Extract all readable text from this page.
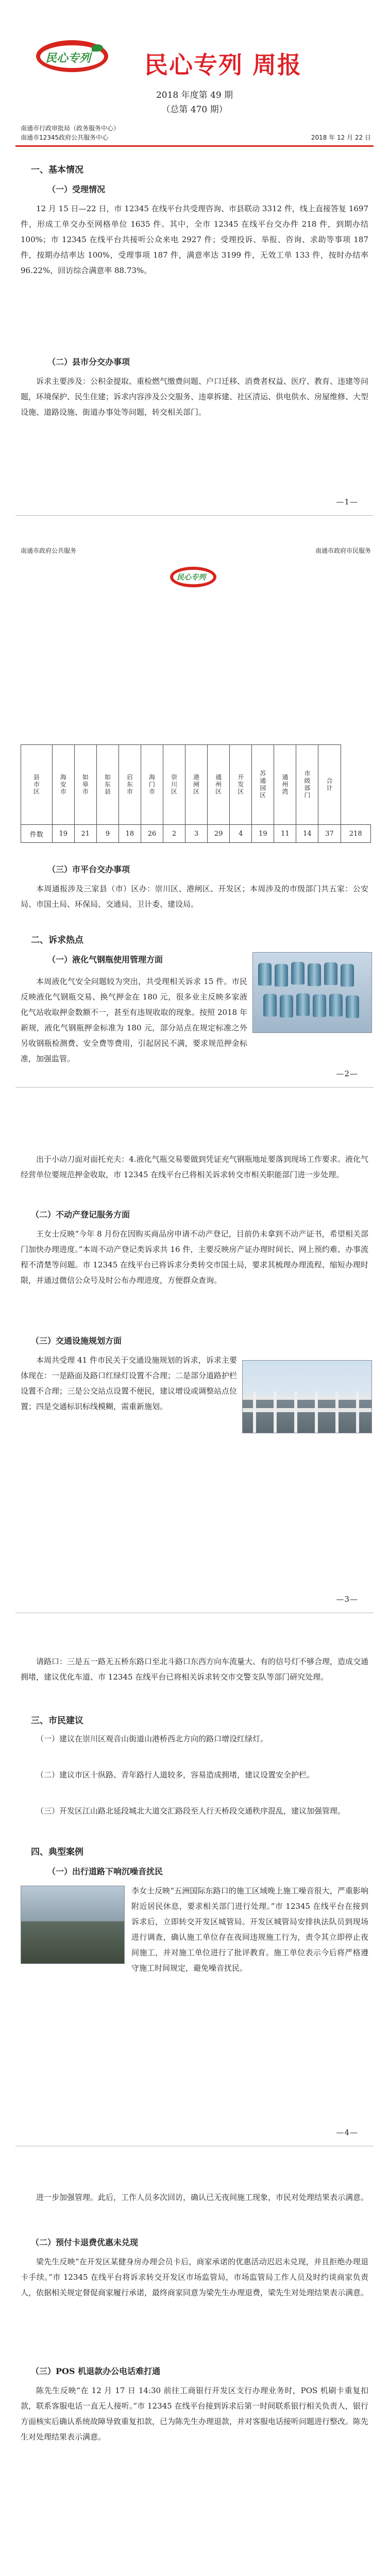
民心专列 民心专列 周报
2018 年度第 49 期
（总第 470 期）
南通市行政审批局（政务服务中心）
南通市12345政府公共服务中心	2018 年 12 月 22 日
一、基本情况
（一）受理情况

12 月 15 日—22 日，市 12345 在线平台共受理咨询、市县联动 3312 件，线上直接答复 1697 件，形成工单交办至网格单位 1635 件。其中，全市 12345 在线平台交办件 218 件，到期办结 100%；市 12345 在线平台共接听公众来电 2927 件；受理投诉、举报、咨询、求助等事项 187 件，按期办结率达 100%，受理事项 187 件，满意率达 3199 件，无效工单 133 件，按时办结率 96.22%，回访综合满意率 88.73%。

（二）县市分交办事项

诉求主要涉及：公积金提取、重检燃气缴费问题、户口迁移、消费者权益、医疗、教育、违建等问题，环境保护、民生住建；诉求内容涉及公交服务、违章拆建、社区清运、供电供水、房屋维修、大型设施、道路设施、街道办事处等问题，转交相关部门。

—1—
南通市政府公共服务	南通市政府市民服务
民心专列
县市区	海安市	如皋市	如东县	启东市	海门市	崇川区	港闸区	通州区	开发区	苏通园区	通州湾	市级部门	合计	
件数	19	21	9	18	26	2	3	29	4	19	11	14	37	218
（三）市平台交办事项

本周通报涉及三家县（市）区办：崇川区、港闸区、开发区；本周涉及的市级部门共五家：公安局、市国土局、环保局、交通局、卫计委、建设局。

二、诉求热点
（一）液化气钢瓶使用管理方面

本周液化气安全问题较为突出，共受理相关诉求 15 件。市民反映液化气钢瓶交易、换气押金在 180 元，很多业主反映多家液化气站收取押金数额不一，甚至有违规收取的现象。按照 2018 年新规，液化气钢瓶押金标准为 180 元，部分站点在规定标准之外另收钢瓶检测费、安全费等费用，引起居民不满，要求规范押金标准，加强监管。

—2—

出于小动刀面对面托充夫：4.液化气瓶交易要做到凭证充气钢瓶地址要落到现场工作要求。液化气经营单位要规范押金收取，市 12345 在线平台已将相关诉求转交市相关职能部门进一步处理。

（二）不动产登记服务方面

王女士反映“今年 8 月份在因购买商品房申请不动产登记，目前仍未拿到不动产证书，希望相关部门加快办理进度。”本周不动产登记类诉求共 16 件，主要反映房产证办理时间长、网上预约难、办事流程不清楚等问题。市 12345 在线平台已将诉求分类转交市国土局，要求其梳理办理流程、缩短办理时限，并通过微信公众号及时公布办理进度，方便群众查询。

（三）交通设施规划方面

本周共受理 41 件市民关于交通设施规划的诉求，诉求主要体现在：一是路面及路口红绿灯设置不合理；二是部分道路护栏设置不合理；三是公交站点设置不便民，建议增设或调整站点位置；四是交通标识标线模糊，需重新施划。

—3—

请路口：三是五一路无五桥东路口至北斗路口东西方向车流量大、有的信号灯不够合理，造成交通拥堵，建议优化车道、市 12345 在线平台已将相关诉求转交市交警支队等部门研究处理。

三、市民建议

（一）建议在崇川区观音山街道山港桥西北方向的路口增设红绿灯。

（二）建议市区十纵路、青年路行人道较多，容易造成拥堵，建议设置安全护栏。

（三）开发区江山路北延段城北大道交汇路段至人行天桥段交通秩序混乱，建议加强管理。

四、典型案例
（一）出行道路下响沉噪音扰民

李女士反映“五洲国际东路口的施工区域晚上施工噪音很大，严重影响附近居民休息，要求相关部门进行处理。”市 12345 在线平台在接到诉求后，立即转交开发区城管局。开发区城管局安排执法队员到现场进行调查，确认施工单位存在夜间违规施工行为，责令其立即停止夜间施工，并对施工单位进行了批评教育。施工单位表示今后将严格遵守施工时间规定，避免噪音扰民。

—4—

进一步加强管理。此后，工作人员多次回访，确认已无夜间施工现象，市民对处理结果表示满意。

（二）预付卡退费优惠未兑现

梁先生反映“在开发区某健身房办理会员卡后，商家承诺的优惠活动迟迟未兑现，并且拒绝办理退卡手续。”市 12345 在线平台将诉求转交开发区市场监管局，市场监管局工作人员及时约谈商家负责人，依据相关规定督促商家履行承诺，最终商家同意为梁先生办理退费，梁先生对处理结果表示满意。

（三）POS 机退款办公电话难打通

陈先生反映“在 12 月 17 日 14:30 前往工商银行开发区支行办理业务时，POS 机刷卡重复扣款，联系客服电话一直无人接听。”市 12345 在线平台接到诉求后第一时间联系银行相关负责人，银行方面核实后确认系统故障导致重复扣款，已为陈先生办理退款，并对客服电话接听问题进行整改。陈先生对处理结果表示满意。
